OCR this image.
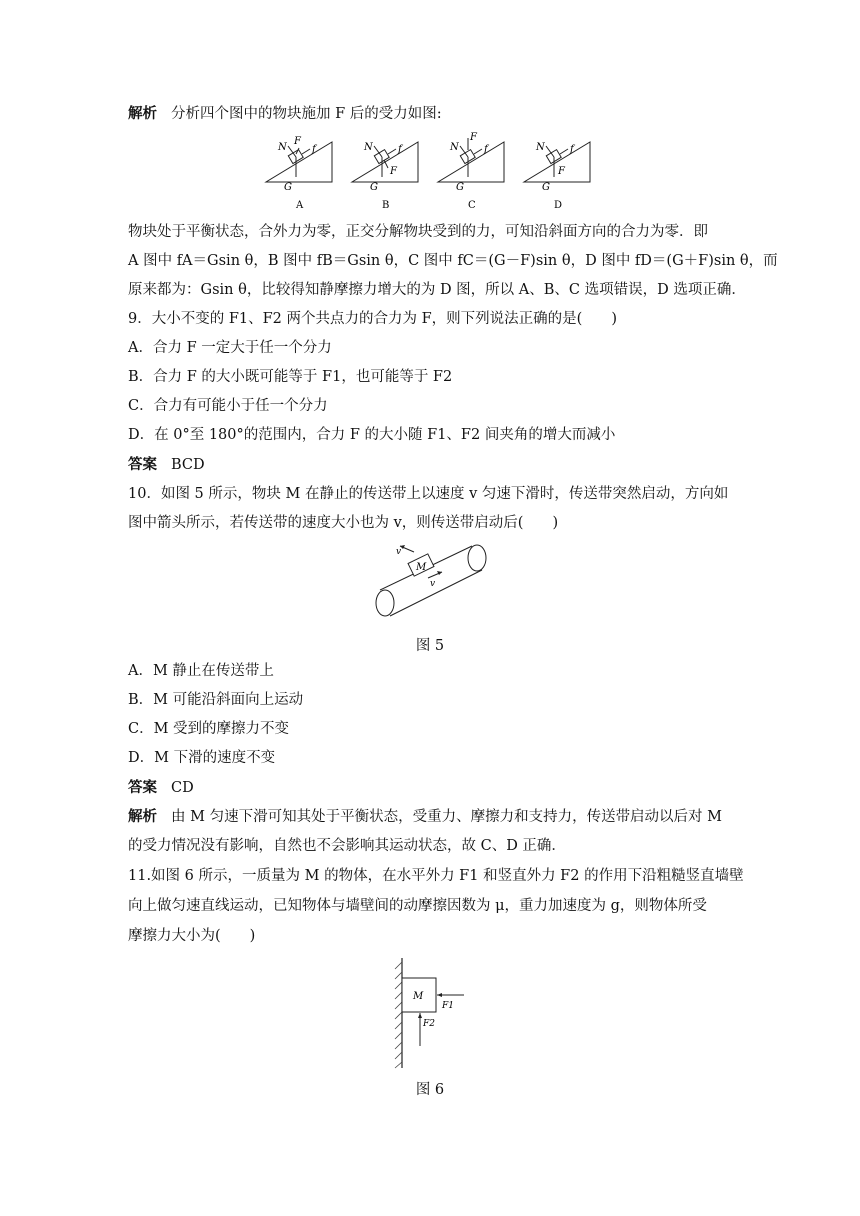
解析 分析四个图中的物块施加 F 后的受力如图:
N
F
f
G
A
N
F
f
G
B
N
F
f
G
C
N
F
f
G
D
物块处于平衡状态，合外力为零，正交分解物块受到的力，可知沿斜面方向的合力为零．即
A 图中 fA＝Gsin θ，B 图中 fB＝Gsin θ，C 图中 fC＝(G－F)sin θ，D 图中 fD＝(G＋F)sin θ，而
原来都为：Gsin θ，比较得知静摩擦力增大的为 D 图，所以 A、B、C 选项错误，D 选项正确．
9．大小不变的 F1、F2 两个共点力的合力为 F，则下列说法正确的是(　　)
A．合力 F 一定大于任一个分力
B．合力 F 的大小既可能等于 F1，也可能等于 F2
C．合力有可能小于任一个分力
D．在 0°至 180°的范围内，合力 F 的大小随 F1、F2 间夹角的增大而减小
答案 BCD
10．如图 5 所示，物块 M 在静止的传送带上以速度 v 匀速下滑时，传送带突然启动，方向如
图中箭头所示，若传送带的速度大小也为 v，则传送带启动后(　　)
M
v
v
图 5
A．M 静止在传送带上
B．M 可能沿斜面向上运动
C．M 受到的摩擦力不变
D．M 下滑的速度不变
答案 CD
解析 由 M 匀速下滑可知其处于平衡状态，受重力、摩擦力和支持力，传送带启动以后对 M
的受力情况没有影响，自然也不会影响其运动状态，故 C、D 正确．
11.如图 6 所示，一质量为 M 的物体，在水平外力 F1 和竖直外力 F2 的作用下沿粗糙竖直墙壁
向上做匀速直线运动，已知物体与墙壁间的动摩擦因数为 μ，重力加速度为 g，则物体所受
摩擦力大小为(　　)
M
F1
F2
图 6
